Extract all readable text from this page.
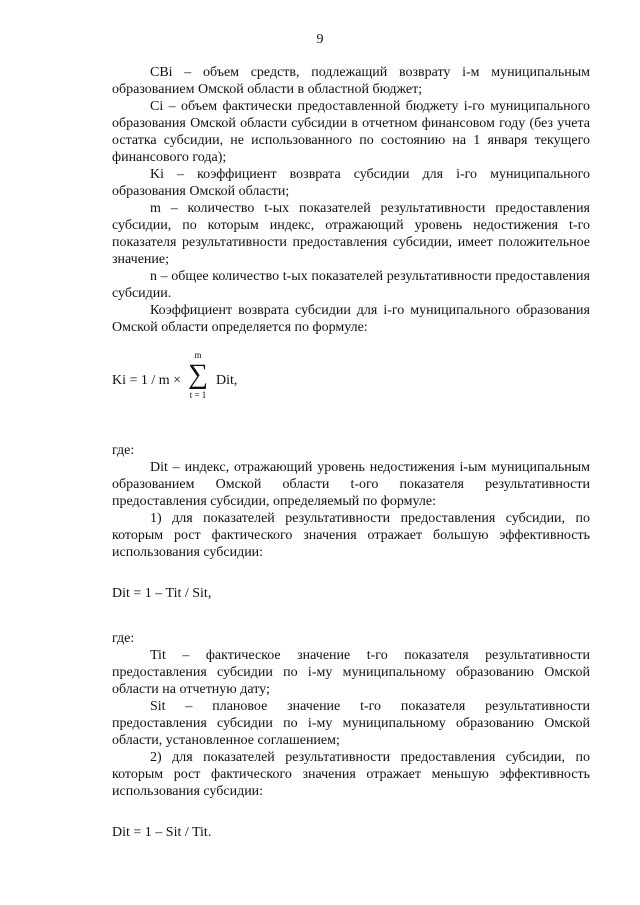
9

CBi – объем средств, подлежащий возврату i-м муниципальным образованием Омской области в областной бюджет;

Ci – объем фактически предоставленной бюджету i-го муниципального образования Омской области субсидии в отчетном финансовом году (без учета остатка субсидии, не использованного по состоянию на 1 января текущего финансового года);

Ki – коэффициент возврата субсидии для i-го муниципального образования Омской области;

m – количество t-ых показателей результативности предоставления субсидии, по которым индекс, отражающий уровень недостижения t-го показателя результативности предоставления субсидии, имеет положительное значение;

n – общее количество t-ых показателей результативности предоставления субсидии.

Коэффициент возврата субсидии для i-го муниципального образования Омской области определяется по формуле:

Ki = 1 / m ×
m
∑
t = 1
Dit,

где:

Dit – индекс, отражающий уровень недостижения i-ым муниципальным образованием Омской области t-ого показателя результативности предоставления субсидии, определяемый по формуле:

1) для показателей результативности предоставления субсидии, по которым рост фактического значения отражает большую эффективность использования субсидии:

Dit = 1 – Tit / Sit,

где:

Tit – фактическое значение t-го показателя результативности предоставления субсидии по i-му муниципальному образованию Омской области на отчетную дату;

Sit – плановое значение t-го показателя результативности предоставления субсидии по i-му муниципальному образованию Омской области, установленное соглашением;

2) для показателей результативности предоставления субсидии, по которым рост фактического значения отражает меньшую эффективность использования субсидии:

Dit = 1 – Sit / Tit.
